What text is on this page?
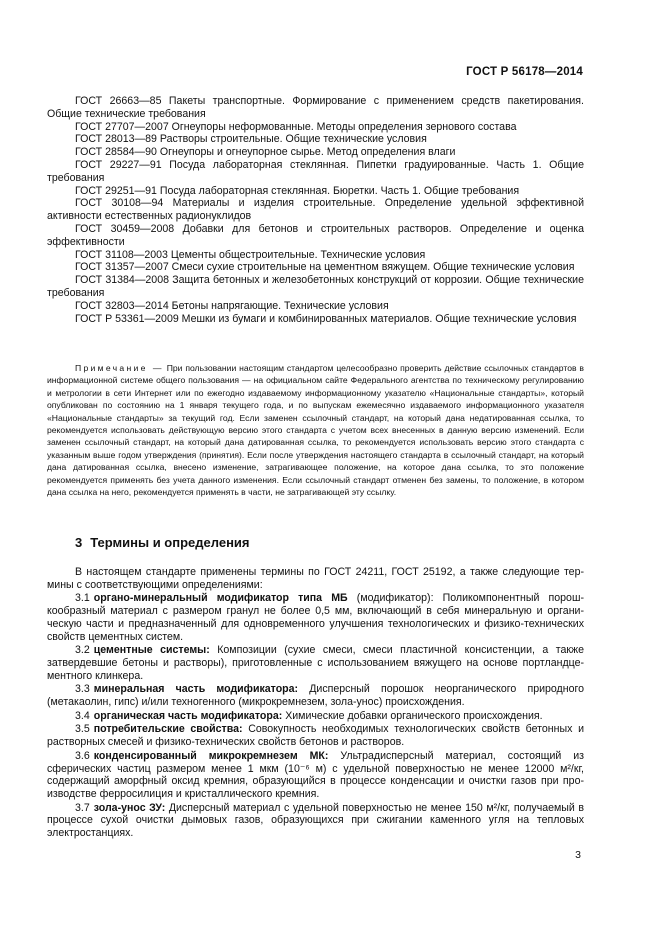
ГОСТ Р 56178—2014

ГОСТ 26663—85 Пакеты транспортные. Формирование с применением средств пакетирования. Общие технические требования

ГОСТ 27707—2007 Огнеупоры неформованные. Методы определения зернового состава

ГОСТ 28013—89 Растворы строительные. Общие технические условия

ГОСТ 28584—90 Огнеупоры и огнеупорное сырье. Метод определения влаги

ГОСТ 29227—91 Посуда лабораторная стеклянная. Пипетки градуированные. Часть 1. Общие требования

ГОСТ 29251—91 Посуда лабораторная стеклянная. Бюретки. Часть 1. Общие требования

ГОСТ 30108—94 Материалы и изделия строительные. Определение удельной эффективной активности естественных радионуклидов

ГОСТ 30459—2008 Добавки для бетонов и строительных растворов. Определение и оценка эффективности

ГОСТ 31108—2003 Цементы общестроительные. Технические условия

ГОСТ 31357—2007 Смеси сухие строительные на цементном вяжущем. Общие технические условия

ГОСТ 31384—2008 Защита бетонных и железобетонных конструкций от коррозии. Общие технические требования

ГОСТ 32803—2014 Бетоны напрягающие. Технические условия

ГОСТ Р 53361—2009 Мешки из бумаги и комбинированных материалов. Общие технические условия

Примечание — При пользовании настоящим стандартом целесообразно проверить действие ссылочных стандартов в информационной системе общего пользования — на официальном сайте Федерального агентства по техническому регулированию и метрологии в сети Интернет или по ежегодно издаваемому информационному указателю «Национальные стандарты», который опубликован по состоянию на 1 января текущего года, и по выпускам ежемесячно издаваемого информационного указателя «Национальные стандарты» за текущий год. Если заменен ссылочный стандарт, на который дана недатированная ссылка, то рекомендуется использовать действующую версию этого стандарта с учетом всех внесенных в данную версию изменений. Если заменен ссылочный стандарт, на который дана датированная ссылка, то рекомендуется использовать версию этого стандарта с указанным выше годом утверждения (принятия). Если после утверждения настоящего стандарта в ссылочный стандарт, на который дана датированная ссылка, внесено изменение, затрагивающее положение, на которое дана ссылка, то это положение рекомендуется применять без учета данного изменения. Если ссылочный стандарт отменен без замены, то положение, в котором дана ссылка на него, рекомендуется применять в части, не затрагивающей эту ссылку.

3 Термины и определения

В настоящем стандарте применены термины по ГОСТ 24211, ГОСТ 25192, а также следующие термины с соответствующими определениями:

3.1 органо-минеральный модификатор типа МБ (модификатор): Поликомпонентный порошкообразный материал с размером гранул не более 0,5 мм, включающий в себя минеральную и органическую части и предназначенный для одновременного улучшения технологических и физико-технических свойств цементных систем.

3.2 цементные системы: Композиции (сухие смеси, смеси пластичной консистенции, а также затвердевшие бетоны и растворы), приготовленные с использованием вяжущего на основе портландцементного клинкера.

3.3 минеральная часть модификатора: Дисперсный порошок неорганического природного (метакаолин, гипс) и/или техногенного (микрокремнезем, зола-унос) происхождения.

3.4 органическая часть модификатора: Химические добавки органического происхождения.

3.5 потребительские свойства: Совокупность необходимых технологических свойств бетонных и растворных смесей и физико-технических свойств бетонов и растворов.

3.6 конденсированный микрокремнезем МК: Ультрадисперсный материал, состоящий из сферических частиц размером менее 1 мкм (10⁻⁶ м) с удельной поверхностью не менее 12000 м²/кг, содержащий аморфный оксид кремния, образующийся в процессе конденсации и очистки газов при производстве ферросилиция и кристаллического кремния.

3.7 зола-унос ЗУ: Дисперсный материал с удельной поверхностью не менее 150 м²/кг, получаемый в процессе сухой очистки дымовых газов, образующихся при сжигании каменного угля на тепловых электростанциях.

3
